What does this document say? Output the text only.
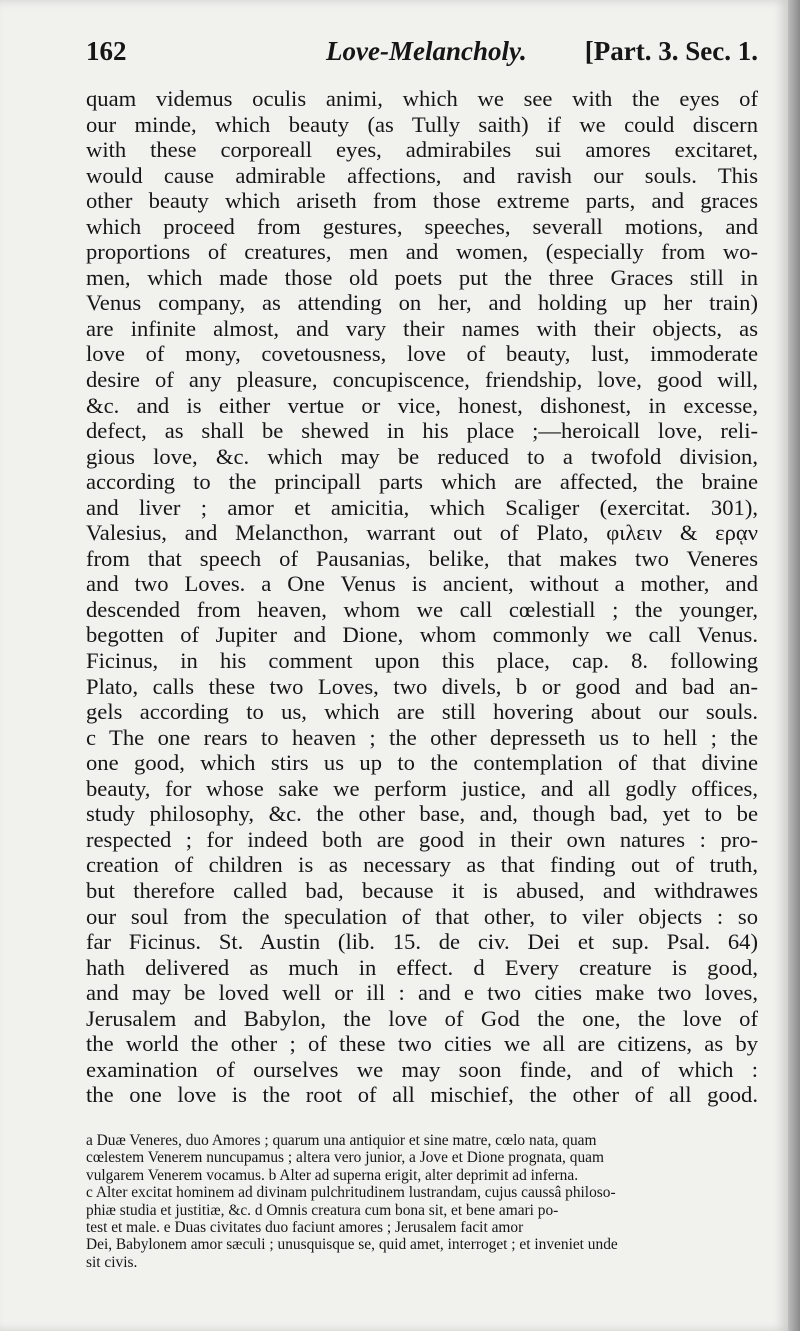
162	Love-Melancholy. [Part. 3. Sec. 1.
quam videmus oculis animi, which we see with the eyes of
our minde, which beauty (as Tully saith) if we could discern
with these corporeall eyes, admirabiles sui amores excitaret,
would cause admirable affections, and ravish our souls. This
other beauty which ariseth from those extreme parts, and graces
which proceed from gestures, speeches, severall motions, and
proportions of creatures, men and women, (especially from wo-
men, which made those old poets put the three Graces still in
Venus company, as attending on her, and holding up her train)
are infinite almost, and vary their names with their objects, as
love of mony, covetousness, love of beauty, lust, immoderate
desire of any pleasure, concupiscence, friendship, love, good will,
&c. and is either vertue or vice, honest, dishonest, in excesse,
defect, as shall be shewed in his place ;—heroicall love, reli-
gious love, &c. which may be reduced to a twofold division,
according to the principall parts which are affected, the braine
and liver ; amor et amicitia, which Scaliger (exercitat. 301),
Valesius, and Melancthon, warrant out of Plato, φιλειν & ερᾳν
from that speech of Pausanias, belike, that makes two Veneres
and two Loves. a One Venus is ancient, without a mother, and
descended from heaven, whom we call cœlestiall ; the younger,
begotten of Jupiter and Dione, whom commonly we call Venus.
Ficinus, in his comment upon this place, cap. 8. following
Plato, calls these two Loves, two divels, b or good and bad an-
gels according to us, which are still hovering about our souls.
c The one rears to heaven ; the other depresseth us to hell ; the
one good, which stirs us up to the contemplation of that divine
beauty, for whose sake we perform justice, and all godly offices,
study philosophy, &c. the other base, and, though bad, yet to be
respected ; for indeed both are good in their own natures : pro-
creation of children is as necessary as that finding out of truth,
but therefore called bad, because it is abused, and withdrawes
our soul from the speculation of that other, to viler objects : so
far Ficinus. St. Austin (lib. 15. de civ. Dei et sup. Psal. 64)
hath delivered as much in effect. d Every creature is good,
and may be loved well or ill : and e two cities make two loves,
Jerusalem and Babylon, the love of God the one, the love of
the world the other ; of these two cities we all are citizens, as by
examination of ourselves we may soon finde, and of which :
the one love is the root of all mischief, the other of all good.
a Duæ Veneres, duo Amores ; quarum una antiquior et sine matre, cœlo nata, quam
cœlestem Venerem nuncupamus ; altera vero junior, a Jove et Dione prognata, quam
vulgarem Venerem vocamus. b Alter ad superna erigit, alter deprimit ad inferna.
c Alter excitat hominem ad divinam pulchritudinem lustrandam, cujus caussâ philoso-
phiæ studia et justitiæ, &c. d Omnis creatura cum bona sit, et bene amari po-
test et male. e Duas civitates duo faciunt amores ; Jerusalem facit amor
Dei, Babylonem amor sæculi ; unusquisque se, quid amet, interroget ; et inveniet unde
sit civis.
